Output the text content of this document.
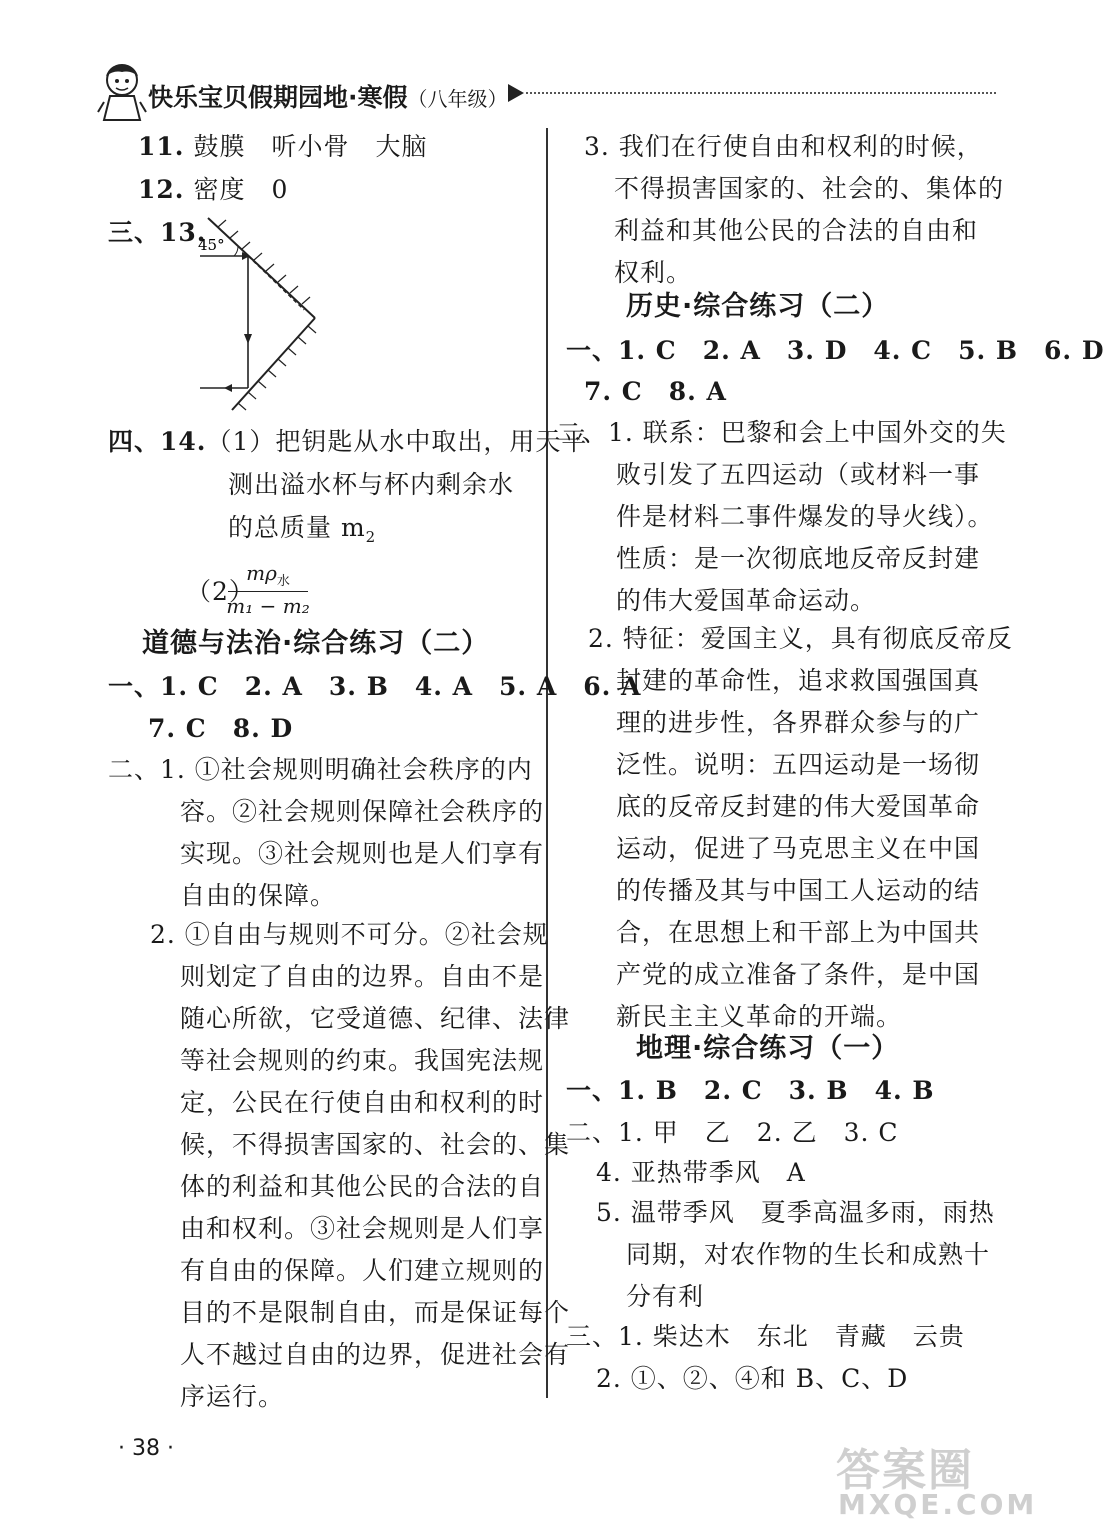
快乐宝贝假期园地·寒假（八年级）
11. 鼓膜　听小骨　大脑
12. 密度　0
三、13.
45°
四、14.（1）把钥匙从水中取出，用天平
测出溢水杯与杯内剩余水
的总质量 $m_2$
（2）
$m\rho_水$
m₁ − m₂
道德与法治·综合练习（二）
一、1. C　2. A　3. B　4. A　5. A　6. A
7. C　8. D
二、1. ①社会规则明确社会秩序的内
容。②社会规则保障社会秩序的
实现。③社会规则也是人们享有
自由的保障。
2. ①自由与规则不可分。②社会规
则划定了自由的边界。自由不是
随心所欲，它受道德、纪律、法律
等社会规则的约束。我国宪法规
定，公民在行使自由和权利的时
候，不得损害国家的、社会的、集
体的利益和其他公民的合法的自
由和权利。③社会规则是人们享
有自由的保障。人们建立规则的
目的不是限制自由，而是保证每个
人不越过自由的边界，促进社会有
序运行。
3. 我们在行使自由和权利的时候，
不得损害国家的、社会的、集体的
利益和其他公民的合法的自由和
权利。
历史·综合练习（二）
一、1. C　2. A　3. D　4. C　5. B　6. D
7. C　8. A
二、1. 联系：巴黎和会上中国外交的失
败引发了五四运动（或材料一事
件是材料二事件爆发的导火线）。
性质：是一次彻底地反帝反封建
的伟大爱国革命运动。
2. 特征：爱国主义，具有彻底反帝反
封建的革命性，追求救国强国真
理的进步性，各界群众参与的广
泛性。说明：五四运动是一场彻
底的反帝反封建的伟大爱国革命
运动，促进了马克思主义在中国
的传播及其与中国工人运动的结
合，在思想上和干部上为中国共
产党的成立准备了条件，是中国
新民主主义革命的开端。
地理·综合练习（一）
一、1. B　2. C　3. B　4. B
二、1. 甲　乙　2. 乙　3. C
4. 亚热带季风　A
5. 温带季风　夏季高温多雨，雨热
同期，对农作物的生长和成熟十
分有利
三、1. 柴达木　东北　青藏　云贵
2. ①、②、④和 B、C、D
· 38 ·	答案圈
MXQE.COM
